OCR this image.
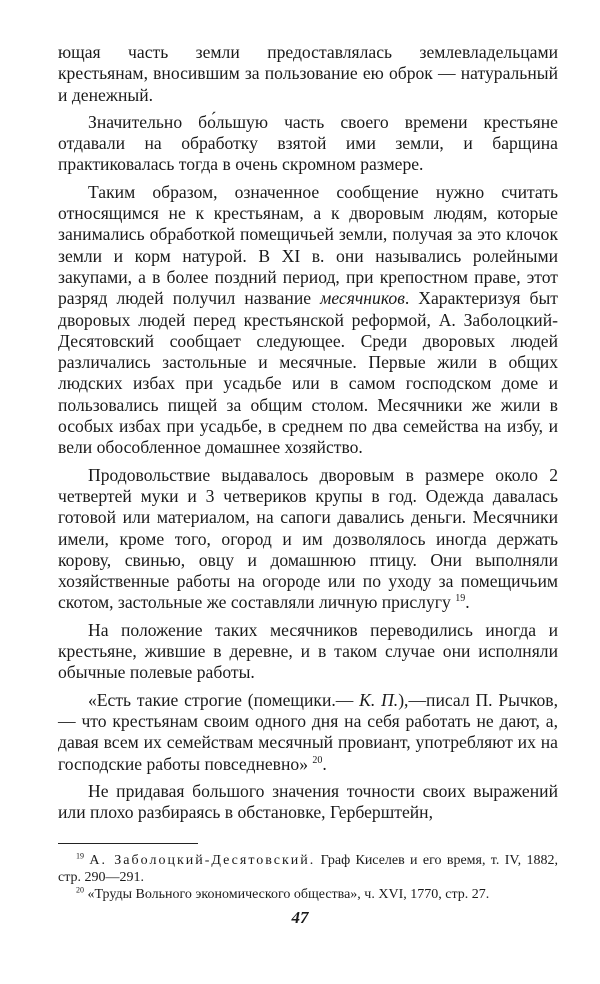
ющая часть земли предоставлялась землевладельцами крестьянам, вносившим за пользование ею оброк — натуральный и денежный.

Значительно бо́льшую часть своего времени крестьяне отдавали на обработку взятой ими земли, и барщина практиковалась тогда в очень скромном размере.

Таким образом, означенное сообщение нужно считать относящимся не к крестьянам, а к дворовым людям, которые занимались обработкой помещичьей земли, получая за это клочок земли и корм натурой. В XI в. они назывались ролейными закупами, а в более поздний период, при крепостном праве, этот разряд людей получил название месячников. Характеризуя быт дворовых людей перед крестьянской реформой, А. Заболоцкий-Десятовский сообщает следующее. Среди дворовых людей различались застольные и месячные. Первые жили в общих людских избах при усадьбе или в самом господском доме и пользовались пищей за общим столом. Месячники же жили в особых избах при усадьбе, в среднем по два семейства на избу, и вели обособленное домашнее хозяйство.

Продовольствие выдавалось дворовым в размере около 2 четвертей муки и 3 четвериков крупы в год. Одежда давалась готовой или материалом, на сапоги давались деньги. Месячники имели, кроме того, огород и им дозволялось иногда держать корову, свинью, овцу и домашнюю птицу. Они выполняли хозяйственные работы на огороде или по уходу за помещичьим скотом, застольные же составляли личную прислугу $^{19}$.

На положение таких месячников переводились иногда и крестьяне, жившие в деревне, и в таком случае они исполняли обычные полевые работы.

«Есть такие строгие (помещики.— К. П.),—писал П. Рычков,— что крестьянам своим одного дня на себя работать не дают, а, давая всем их семействам месячный провиант, употребляют их на господские работы повседневно» $^{20}$.

Не придавая большого значения точности своих выражений или плохо разбираясь в обстановке, Герберштейн,

$^{19}$ А. Заболоцкий-Десятовский. Граф Киселев и его время, т. IV, 1882, стр. 290—291.

$^{20}$ «Труды Вольного экономического общества», ч. XVI, 1770, стр. 27.

47
